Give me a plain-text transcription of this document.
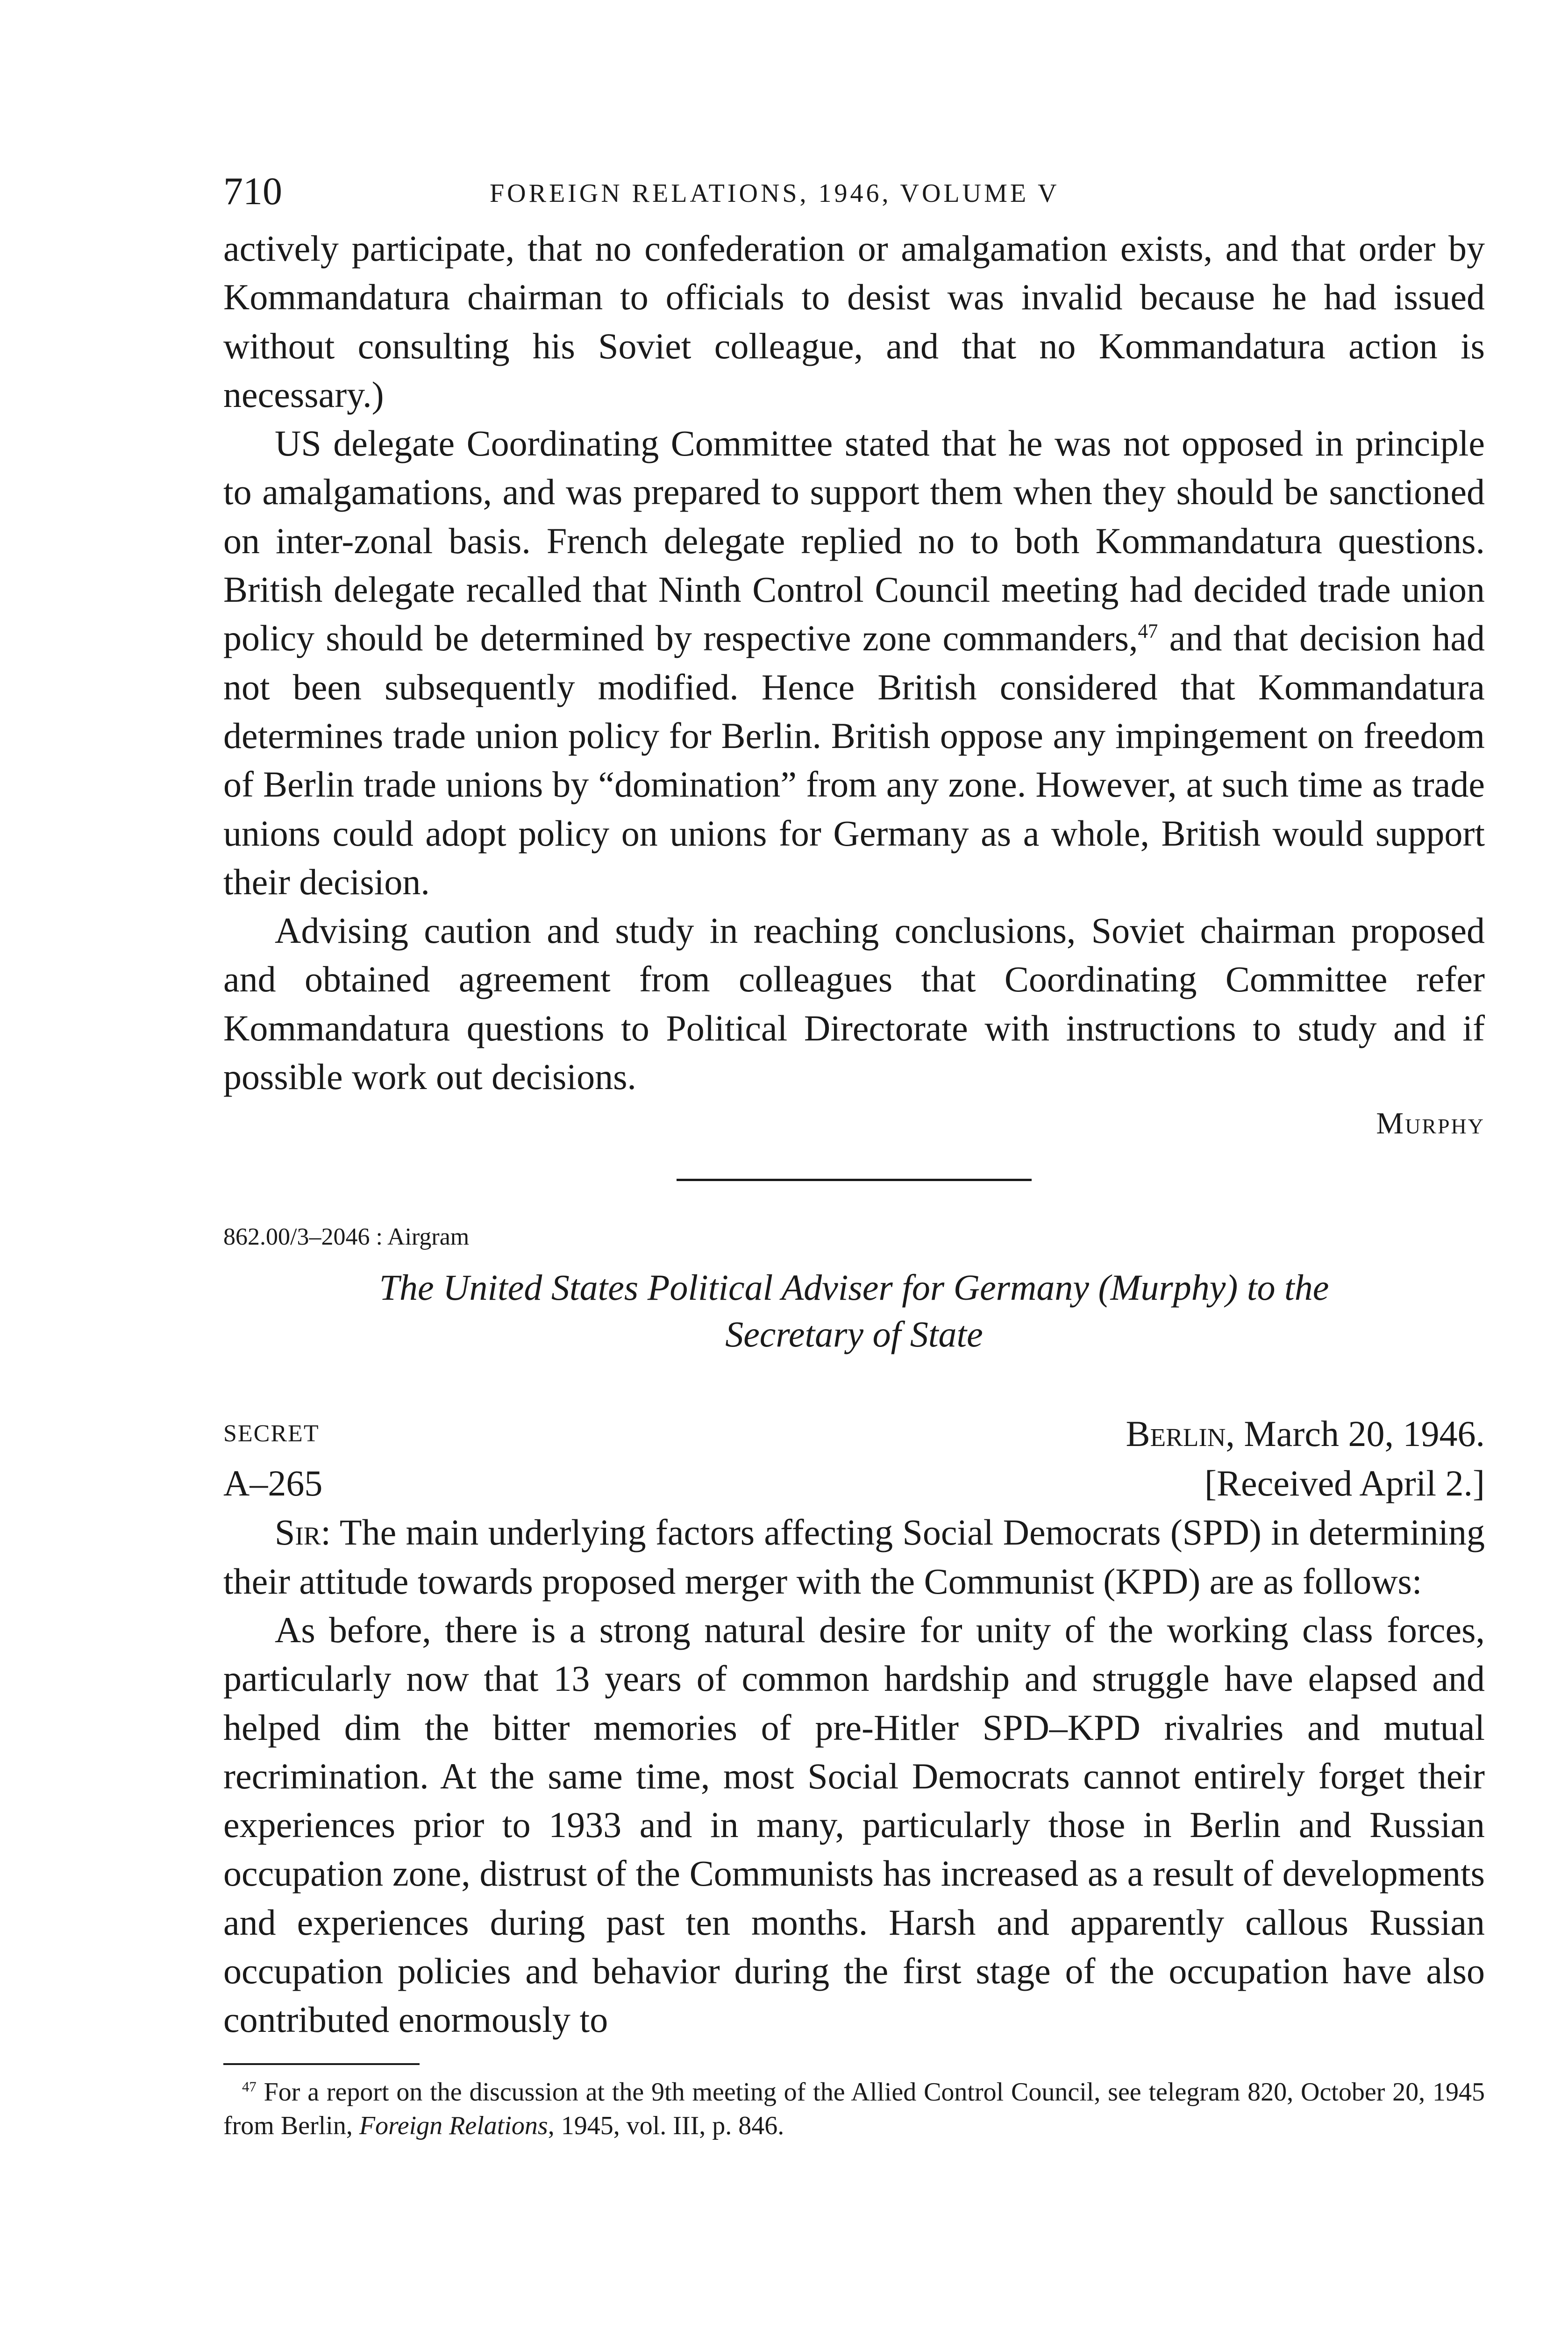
710	FOREIGN RELATIONS, 1946, VOLUME V

actively participate, that no confederation or amalgamation exists, and that order by Kommandatura chairman to officials to desist was invalid because he had issued without consulting his Soviet colleague, and that no Kommandatura action is necessary.)

US delegate Coordinating Committee stated that he was not opposed in principle to amalgamations, and was prepared to support them when they should be sanctioned on inter-zonal basis. French delegate replied no to both Kommandatura questions. British delegate recalled that Ninth Control Council meeting had decided trade union policy should be determined by respective zone commanders,$^{47}$ and that decision had not been subsequently modified. Hence British considered that Kommandatura determines trade union policy for Berlin. British oppose any impingement on freedom of Berlin trade unions by “domination” from any zone. However, at such time as trade unions could adopt policy on unions for Germany as a whole, British would support their decision.

Advising caution and study in reaching conclusions, Soviet chairman proposed and obtained agreement from colleagues that Coordinating Committee refer Kommandatura questions to Political Directorate with instructions to study and if possible work out decisions.

Murphy
862.00/3–2046 : Airgram
The United States Political Adviser for Germany (Murphy) to the
Secretary of State
SECRET	Berlin, March 20, 1946.
A–265	[Received April 2.]

Sir: The main underlying factors affecting Social Democrats (SPD) in determining their attitude towards proposed merger with the Communist (KPD) are as follows:

As before, there is a strong natural desire for unity of the working class forces, particularly now that 13 years of common hardship and struggle have elapsed and helped dim the bitter memories of pre-Hitler SPD–KPD rivalries and mutual recrimination. At the same time, most Social Democrats cannot entirely forget their experiences prior to 1933 and in many, particularly those in Berlin and Russian occupation zone, distrust of the Communists has increased as a result of developments and experiences during past ten months. Harsh and apparently callous Russian occupation policies and behavior during the first stage of the occupation have also contributed enormously to

$^{47}$ For a report on the discussion at the 9th meeting of the Allied Control Council, see telegram 820, October 20, 1945 from Berlin, Foreign Relations, 1945, vol. III, p. 846.
